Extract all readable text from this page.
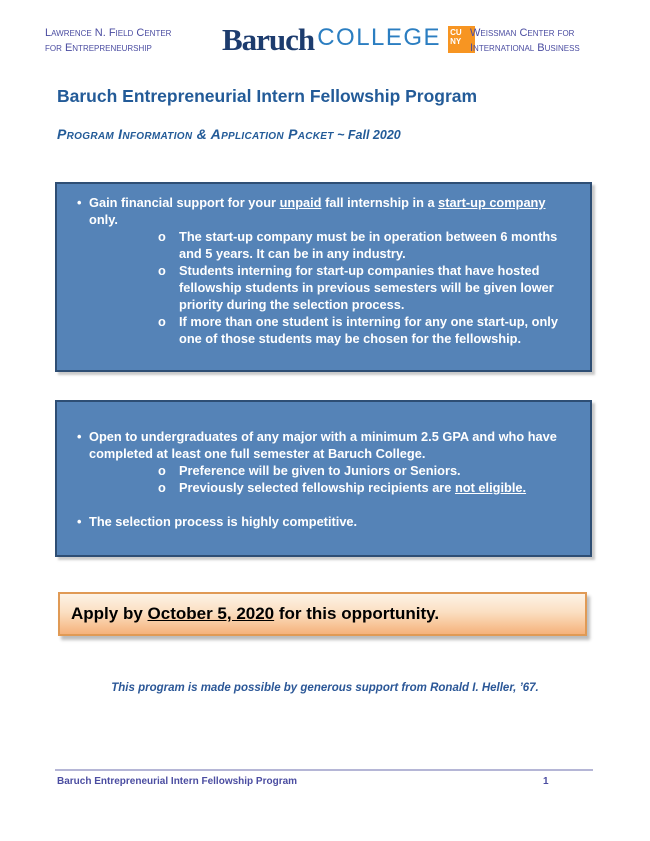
Lawrence N. Field Center
for Entrepreneurship	Baruch COLLEGE CU
NY
Weissman Center for
International Business
Baruch Entrepreneurial Intern Fellowship Program
Program Information & Application Packet ~ Fall 2020
• Gain financial support for your unpaid fall internship in a start-up company only.

o	The start-up company must be in operation between 6 months and 5 years. It can be in any industry.

o	Students interning for start-up companies that have hosted fellowship students in previous semesters will be given lower priority during the selection process.

o	If more than one student is interning for any one start-up, only one of those students may be chosen for the fellowship.

• Open to undergraduates of any major with a minimum 2.5 GPA and who have completed at least one full semester at Baruch College.

o	Preference will be given to Juniors or Seniors.

o	Previously selected fellowship recipients are not eligible.

• The selection process is highly competitive.

Apply by October 5, 2020 for this opportunity.
This program is made possible by generous support from Ronald I. Heller, ’67.
Baruch Entrepreneurial Intern Fellowship Program	1
